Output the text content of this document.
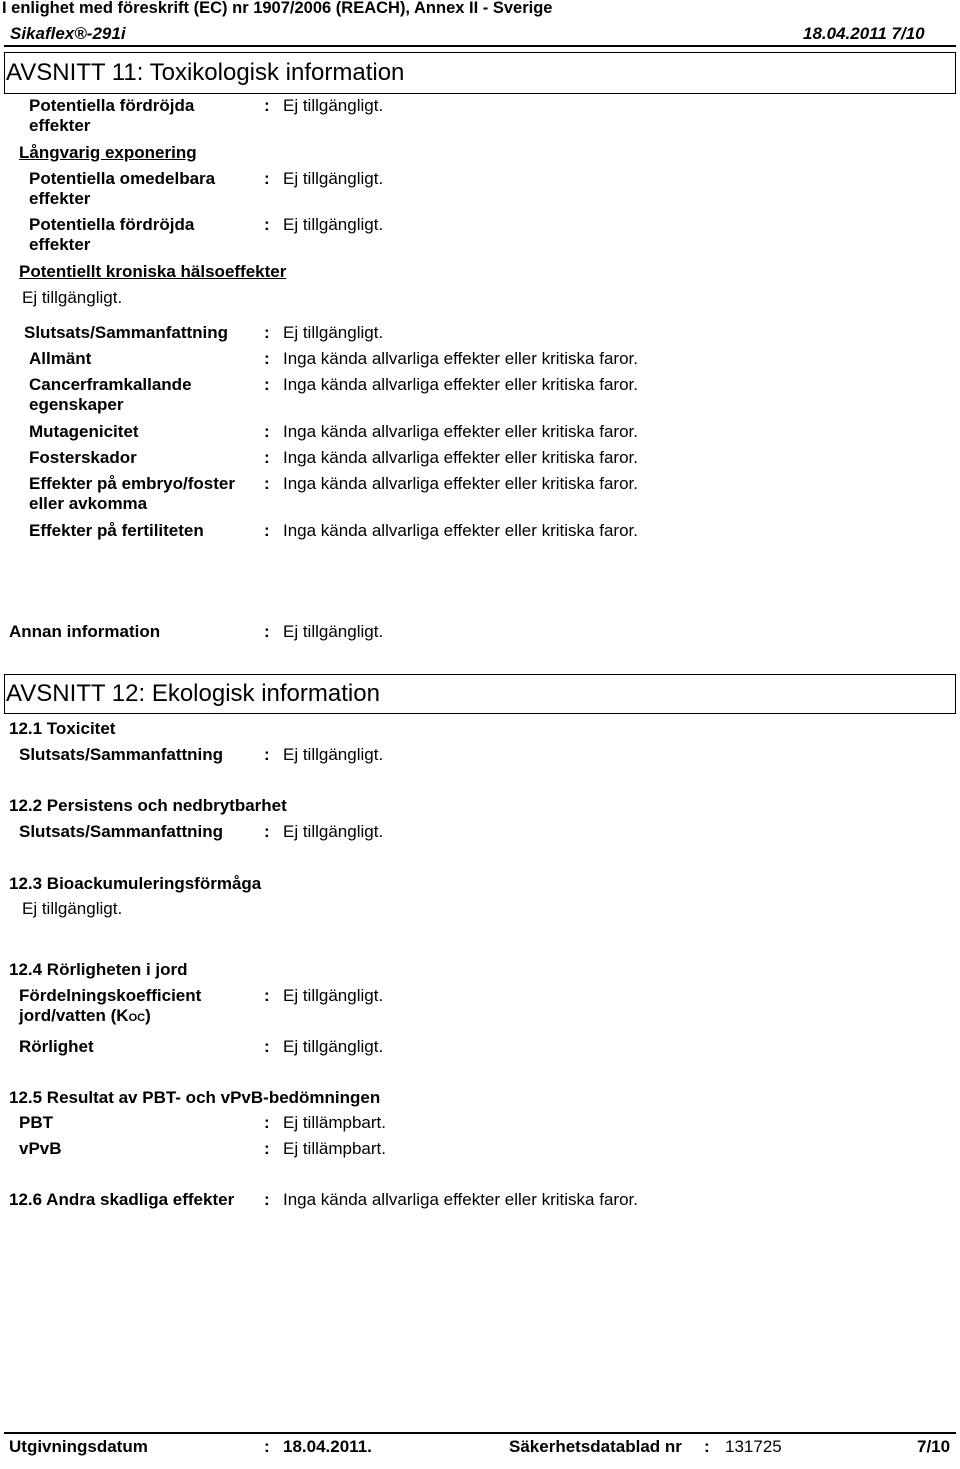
I enlighet med föreskrift (EC) nr 1907/2006 (REACH), Annex II - Sverige
Sikaflex®-291i	18.04.2011 7/10
AVSNITT 11: Toxikologisk information
Potentiella fördröjda effekter
: Ej tillgängligt.
Långvarig exponering
Potentiella omedelbara effekter
: Ej tillgängligt.
Potentiella fördröjda effekter
: Ej tillgängligt.
Potentiellt kroniska hälsoeffekter
Ej tillgängligt.
Slutsats/Sammanfattning	: Ej tillgängligt.
Allmänt	: Inga kända allvarliga effekter eller kritiska faror.
Cancerframkallande egenskaper
: Inga kända allvarliga effekter eller kritiska faror.
Mutagenicitet	: Inga kända allvarliga effekter eller kritiska faror.
Fosterskador	: Inga kända allvarliga effekter eller kritiska faror.
Effekter på embryo/foster eller avkomma
: Inga kända allvarliga effekter eller kritiska faror.
Effekter på fertiliteten	: Inga kända allvarliga effekter eller kritiska faror.
Annan information	: Ej tillgängligt.
AVSNITT 12: Ekologisk information
12.1 Toxicitet
Slutsats/Sammanfattning : Ej tillgängligt.
12.2 Persistens och nedbrytbarhet
Slutsats/Sammanfattning : Ej tillgängligt.
12.3 Bioackumuleringsförmåga
Ej tillgängligt.
12.4 Rörligheten i jord
Fördelningskoefficient
jord/vatten (KOC)
: Ej tillgängligt.
Rörlighet	: Ej tillgängligt.
12.5 Resultat av PBT- och vPvB-bedömningen
PBT	: Ej tillämpbart.
vPvB	: Ej tillämpbart.
12.6 Andra skadliga effekter : Inga kända allvarliga effekter eller kritiska faror.
Utgivningsdatum	: 18.04.2011.	Säkerhetsdatablad nr : 131725	7/10
